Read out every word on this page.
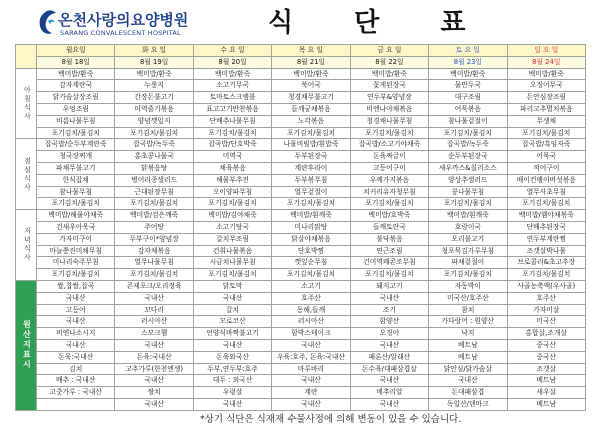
온천사랑의요양병원
SARANG CONVALESCENT HOSPITAL	식 단 표
	월요일	화 요 일	수 요 일	목 요 일	금 요 일	토 요 일	일 요 일
	8월 18일	8월 19일	8월 20일	8월 21일	8월 22일	8월 23일	8월 24일
아침식사	백미밥/환죽	백미밥/환죽	백미밥/환죽	백미밥/환죽	백미밥/환죽	백미밥/환죽	백미밥/환죽
	감자계란국	누룽지	소고기무국	북어국	꽃게된장국	물만두국	오징어무국
	닭가슴살장조림	간장돈불고기	토마토스크램블	청경채무불고기	연두부&양념장	대구조림	돈안심장조림
	우엉조림	미역줄기볶음	표고고기반찬볶음	들깨궁채볶음	비엔나야채볶음	어묵볶음	파리고추멸치볶음
	비름나물무침	양념깻잎지	단배추나물무침	노각볶음	청경채나물무침	참나물겉절이	무생채
	포기김치/물김치	포기김치/물김치	포기김치/물김치	포기김치/물김치	포기김치/물김치	포기김치/물김치	포기김치/물김치
점심식사	잡곡밥/순두부계란죽	잡곡밥/녹두죽	잡곡밥/단호박죽	나물비빔밥/흰밥죽	잡곡밥/소고기야채죽	잡곡밥/녹두죽	잡곡밥/흑임자죽
	청국장찌개	홍초콩나물국	미역국	두부된장국	돈육짜글이	순두부된장국	어묵국
	파채무불고기	닭볶음탕	채육볶음	계란후라이	고등어구이	새우까스&칠리소스	적어구이
	한식잡채	병어리종샐러드	해물부추전	두부볶무침	우께가지볶음	양상추샐러드	베이컨팽이버섯볶음
	참나물무침	근대된장무침	오이양파무침	열무겉절이	치커리유자청무침	콩나물무침	열무사초무침
	포기김치/물김치	포기김치/물김치	포기김치/물김치	포기김치/물김치	포기김치/물김치	포기김치/물김치	포기김치/물김치
저녁식사	백미밥/해물야채죽	백미밥/검은깨죽	백미밥/김야채죽	백미밥/흰깨죽	백미밥/호박죽	백미밥/흰깨죽	백미밥/햄야채볶죽
	건새우아욱국	주어탕	소고기탕국	미나리맑탕	들깨토란국	호랑이국	단배추된장국
	가자미구이	두부구이*양념장	갈치무조림	닭살야채볶음	불닥볶음	오리불고기	연두부계란찜
	마늘쫑진미채무침	감자채볶음	건취나물볶음	단호박찜	연근조림	청포묵김가루무침	조갯살박나물
	미나리숙주무침	열무나물무침	시금치나물무침	깻잎순무침	건미역쾌콘조무침	파채겉절이	브로콜리&초고추장
	포기김치/물김치	포기김치/물김치	포기김치/물김치	포기김치/물김치	포기김치/물김치	포기김치/물김치	포기김치/물김치
원산지표시	쌀,찹쌀,잡곡	콘제포크/오리정육	닭토막	소고기	돼지고기	자동박이	사골농축액(우사골)
	국내산	국내산	국내산	호주산	국내산	미국산/호주산	호주산
	고등어	꼬다리	갈치	동해,들깨	조기	참치	가자미살
	국내산	러시아산	모로코산	러시아산	함양산	가다랑어 : 원양산	미국산
	비엔나소시지	스모크햄	언양식바짝불고기	함박스테이크	오징어	낙지	홍합살,조개살
	국내산	국내산	국내산	국내산	국내산	베트남	중국산
	돈육:국내산	돈육:국내산	돈육와국산	우육:호주, 돈육:국내산	패론산/알래산	베트남	중국산
	김치	고추가루(한천엔생)	두부,연두부:호주	마루바리	돈수육/대패삼겹살	닭안심/닭가슴살	조갯살
	배추 : 국내산	국내산	대두 : 외국산	국내산	국내산	국내산	베트남
	고춧가루 : 국내산	쌍치	우렁살	계란	메추리알	돈대패삼겹	새우살
		국내산	국내산	국내산	국내산	독일산/덴마크	베트남
*상기 식단은 식재재 수물사정에 의해 변동이 있을 수 있습니다.
